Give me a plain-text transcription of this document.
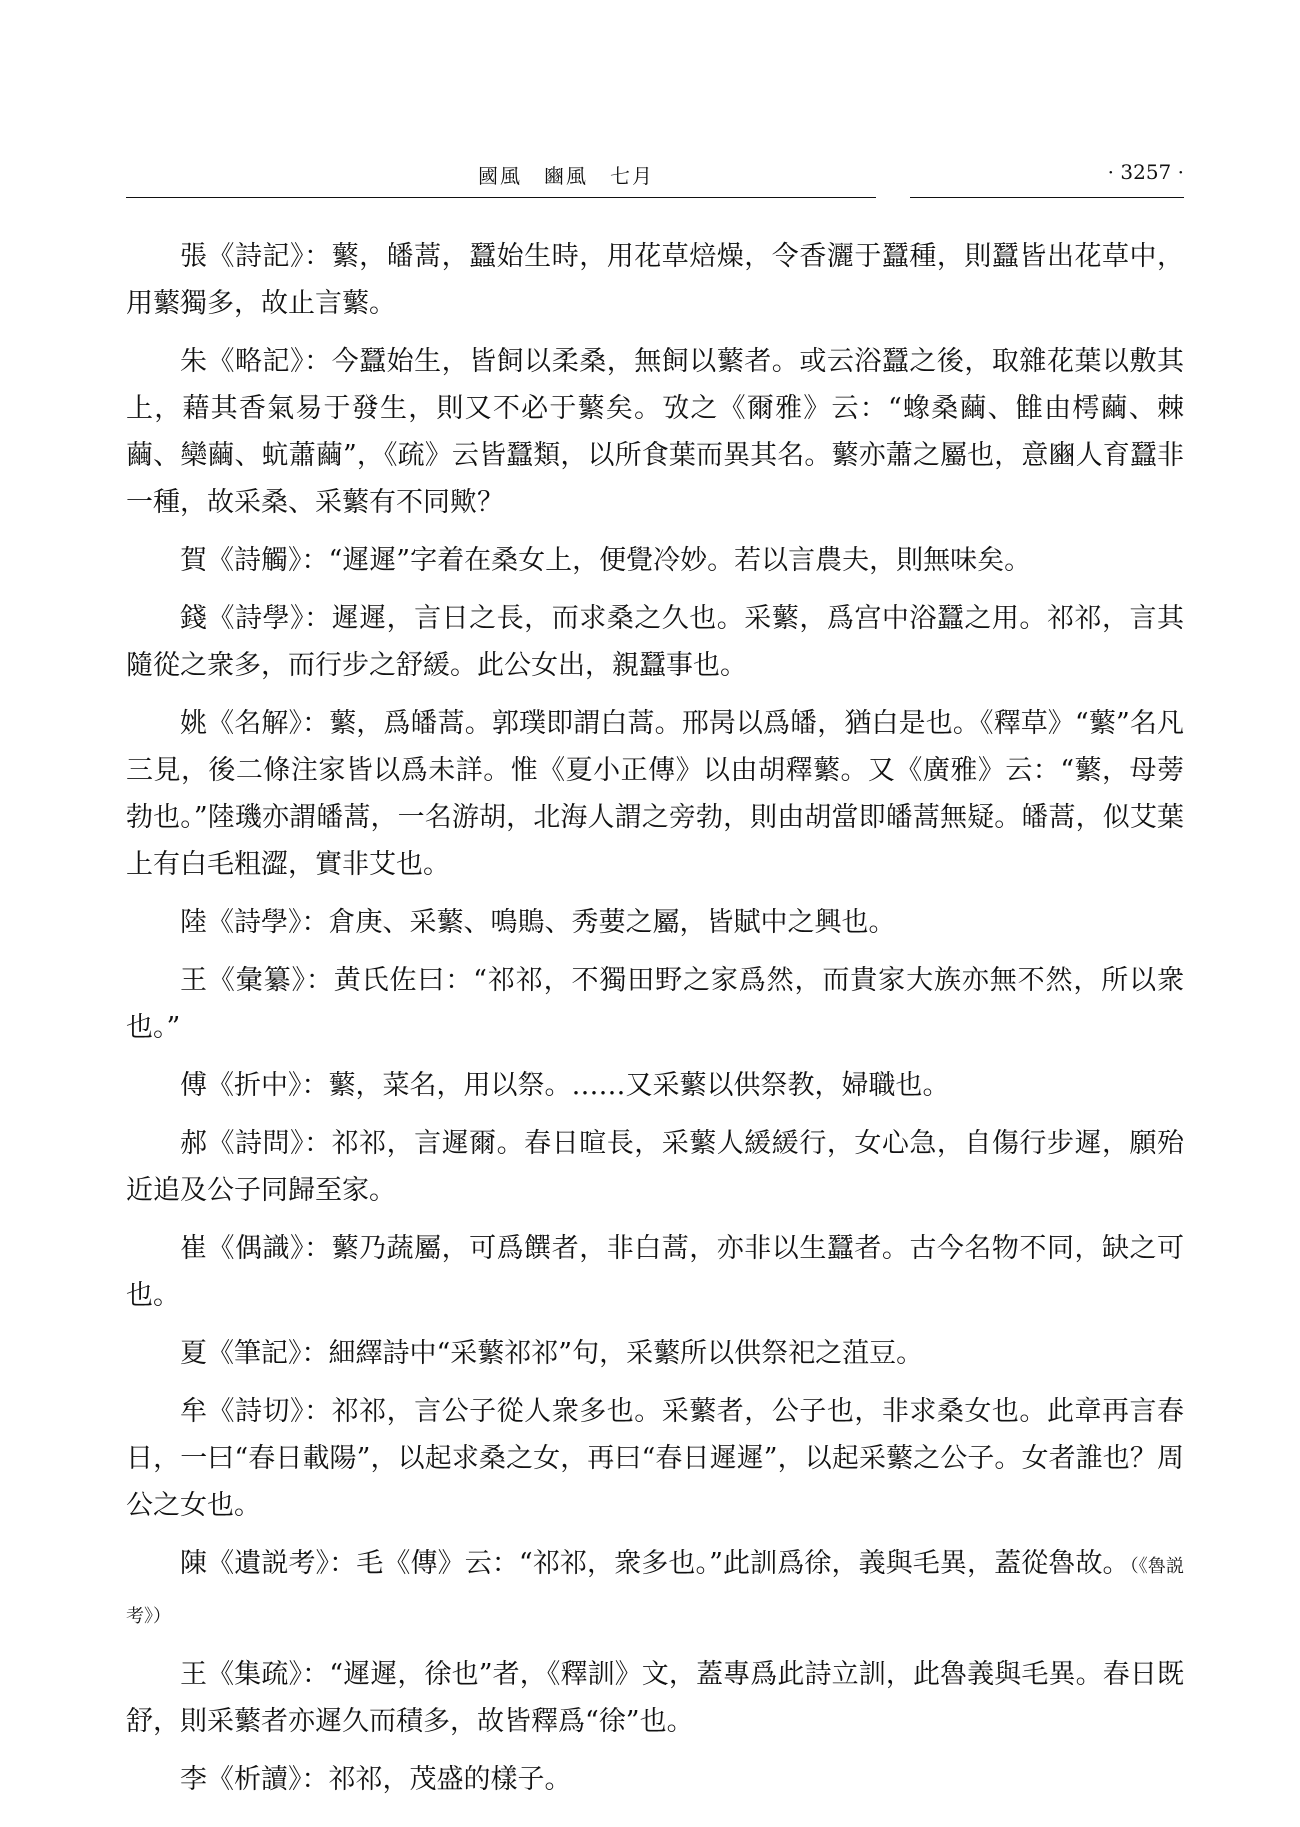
國風　豳風　七月	· 3257 ·

張《詩記》：蘩，皤蒿，蠶始生時，用花草焙燥，令香灑于蠶種，則蠶皆出花草中，用蘩獨多，故止言蘩。

朱《略記》：今蠶始生，皆飼以柔桑，無飼以蘩者。或云浴蠶之後，取雜花葉以敷其上，藉其香氣易于發生，則又不必于蘩矣。攷之《爾雅》云：“蟓桑繭、雔由樗繭、棘繭、欒繭、蚢蕭繭”，《疏》云皆蠶類，以所食葉而異其名。蘩亦蕭之屬也，意豳人育蠶非一種，故采桑、采蘩有不同歟？

賀《詩觸》：“遲遲”字着在桑女上，便覺冷妙。若以言農夫，則無味矣。

錢《詩學》：遲遲，言日之長，而求桑之久也。采蘩，爲宫中浴蠶之用。祁祁，言其隨從之衆多，而行步之舒緩。此公女出，親蠶事也。

姚《名解》：蘩，爲皤蒿。郭璞即謂白蒿。邢昺以爲皤，猶白是也。《釋草》“蘩”名凡三見，後二條注家皆以爲未詳。惟《夏小正傳》以由胡釋蘩。又《廣雅》云：“蘩，母蒡勃也。”陸璣亦謂皤蒿，一名游胡，北海人謂之旁勃，則由胡當即皤蒿無疑。皤蒿，似艾葉上有白毛粗澀，實非艾也。

陸《詩學》：倉庚、采蘩、鳴鵙、秀葽之屬，皆賦中之興也。

王《彙纂》：黄氏佐曰：“祁祁，不獨田野之家爲然，而貴家大族亦無不然，所以衆也。”

傅《折中》：蘩，菜名，用以祭。……又采蘩以供祭教，婦職也。

郝《詩問》：祁祁，言遲爾。春日暄長，采蘩人緩緩行，女心急，自傷行步遲，願殆近追及公子同歸至家。

崔《偶識》：蘩乃蔬屬，可爲饌者，非白蒿，亦非以生蠶者。古今名物不同，缺之可也。

夏《筆記》：細繹詩中“采蘩祁祁”句，采蘩所以供祭祀之菹豆。

牟《詩切》：祁祁，言公子從人衆多也。采蘩者，公子也，非求桑女也。此章再言春日，一曰“春日載陽”，以起求桑之女，再曰“春日遲遲”，以起采蘩之公子。女者誰也？周公之女也。

陳《遺説考》：毛《傳》云：“祁祁，衆多也。”此訓爲徐，義與毛異，蓋從魯故。（《魯説考》）

王《集疏》：“遲遲，徐也”者，《釋訓》文，蓋專爲此詩立訓，此魯義與毛異。春日既舒，則采蘩者亦遲久而積多，故皆釋爲“徐”也。

李《析讀》：祁祁，茂盛的樣子。
